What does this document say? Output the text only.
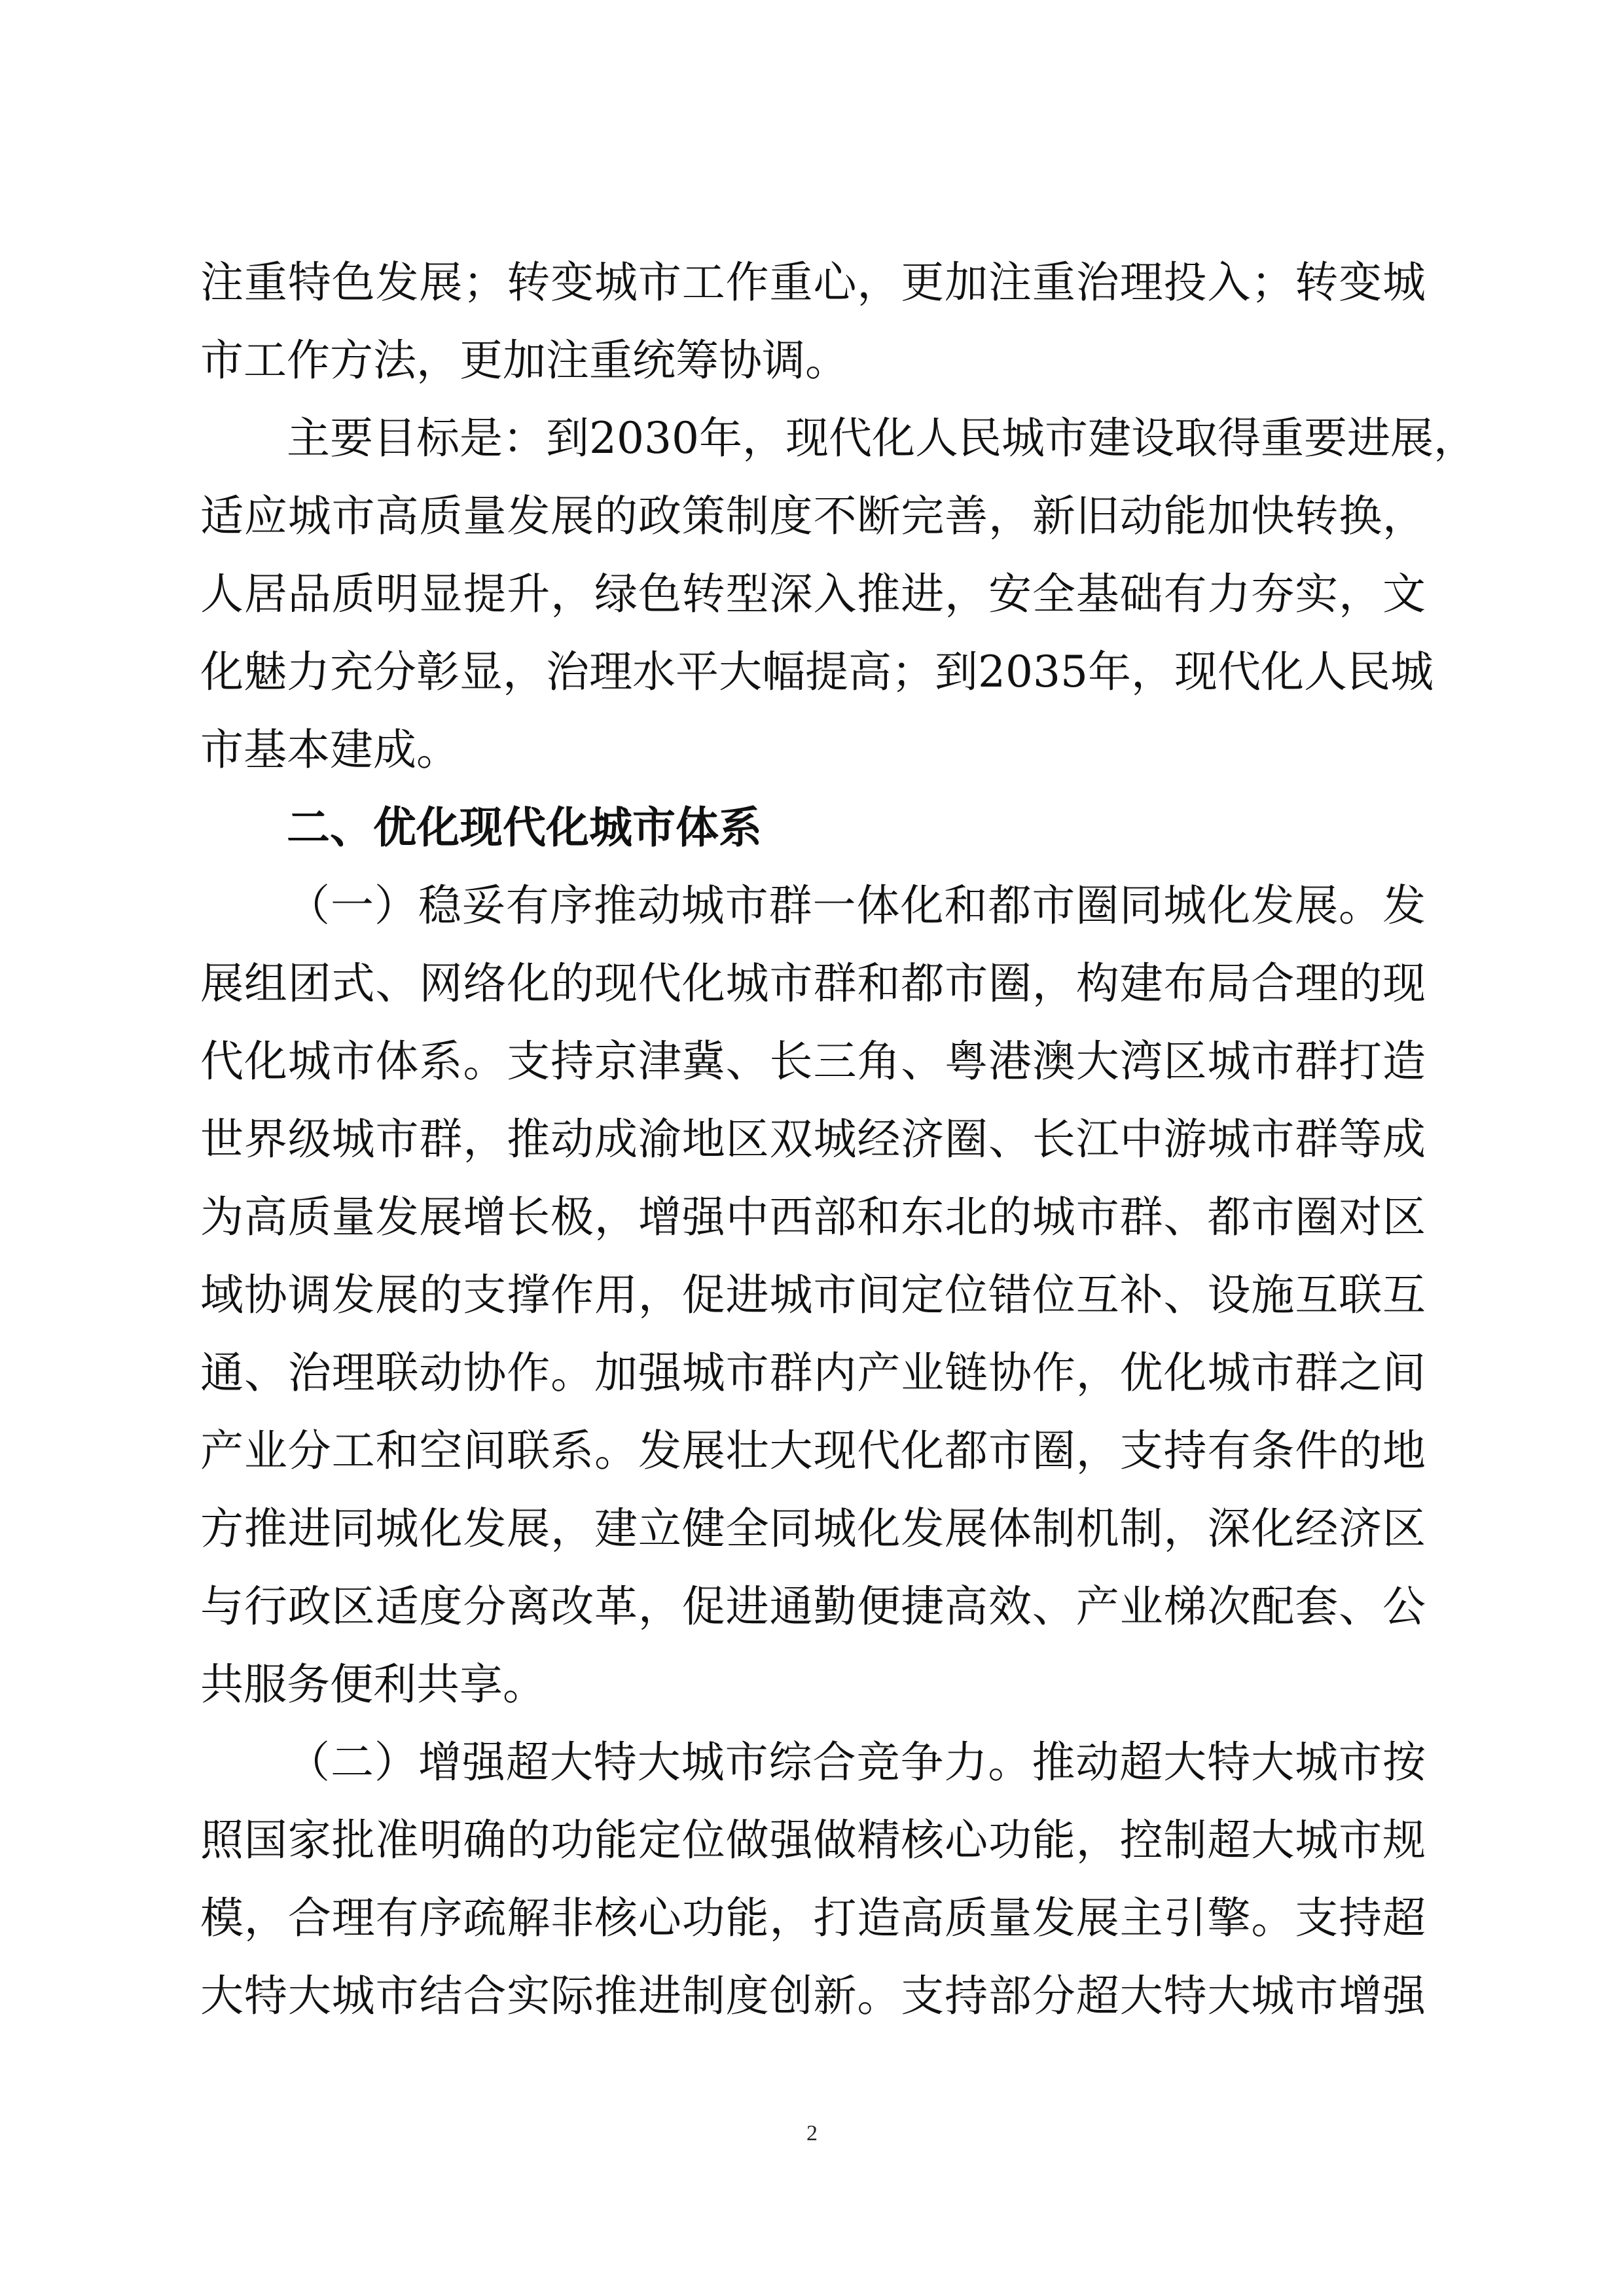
注重特色发展；转变城市工作重心，更加注重治理投入；转变城
市工作方法，更加注重统筹协调。
主要目标是：到2030年，现代化人民城市建设取得重要进展，
适应城市高质量发展的政策制度不断完善，新旧动能加快转换，
人居品质明显提升，绿色转型深入推进，安全基础有力夯实，文
化魅力充分彰显，治理水平大幅提高；到2035年，现代化人民城
市基本建成。
二、优化现代化城市体系
（一）稳妥有序推动城市群一体化和都市圈同城化发展。发
展组团式、网络化的现代化城市群和都市圈，构建布局合理的现
代化城市体系。支持京津冀、长三角、粤港澳大湾区城市群打造
世界级城市群，推动成渝地区双城经济圈、长江中游城市群等成
为高质量发展增长极，增强中西部和东北的城市群、都市圈对区
域协调发展的支撑作用，促进城市间定位错位互补、设施互联互
通、治理联动协作。加强城市群内产业链协作，优化城市群之间
产业分工和空间联系。发展壮大现代化都市圈，支持有条件的地
方推进同城化发展，建立健全同城化发展体制机制，深化经济区
与行政区适度分离改革，促进通勤便捷高效、产业梯次配套、公
共服务便利共享。
（二）增强超大特大城市综合竞争力。推动超大特大城市按
照国家批准明确的功能定位做强做精核心功能，控制超大城市规
模，合理有序疏解非核心功能，打造高质量发展主引擎。支持超
大特大城市结合实际推进制度创新。支持部分超大特大城市增强
2
